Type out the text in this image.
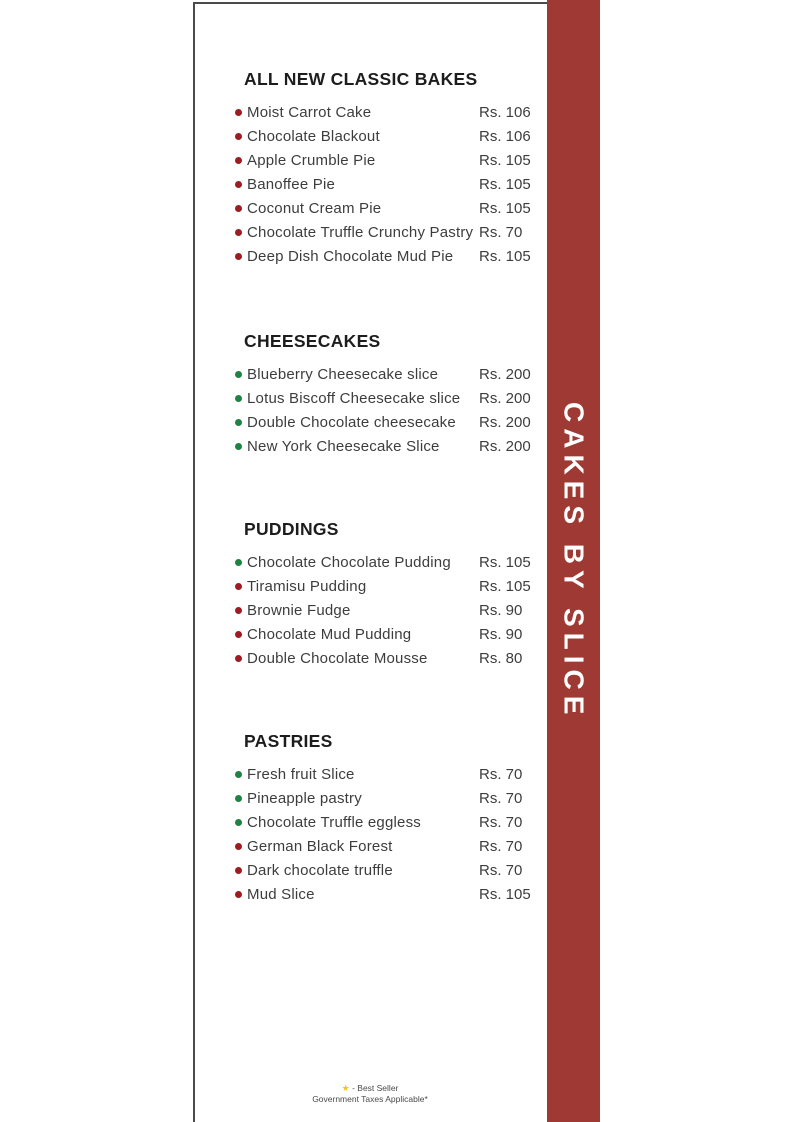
ALL NEW CLASSIC BAKES
Moist Carrot Cake	Rs. 106
Chocolate Blackout	Rs. 106
Apple Crumble Pie	Rs. 105
Banoffee Pie	Rs. 105
Coconut Cream Pie	Rs. 105
Chocolate Truffle Crunchy Pastry Rs. 70
Deep Dish Chocolate Mud Pie Rs. 105
CHEESECAKES
Blueberry Cheesecake slice	Rs. 200
Lotus Biscoff Cheesecake slice Rs. 200
Double Chocolate cheesecake Rs. 200
New York Cheesecake Slice	Rs. 200
PUDDINGS
Chocolate Chocolate Pudding Rs. 105
Tiramisu Pudding	Rs. 105
Brownie Fudge	Rs. 90
Chocolate Mud Pudding	Rs. 90
Double Chocolate Mousse	Rs. 80
PASTRIES
Fresh fruit Slice	Rs. 70
Pineapple pastry	Rs. 70
Chocolate Truffle eggless	Rs. 70
German Black Forest	Rs. 70
Dark chocolate truffle	Rs. 70
Mud Slice	Rs. 105
★ - Best Seller
Government Taxes Applicable*
CAKES BY SLICE
